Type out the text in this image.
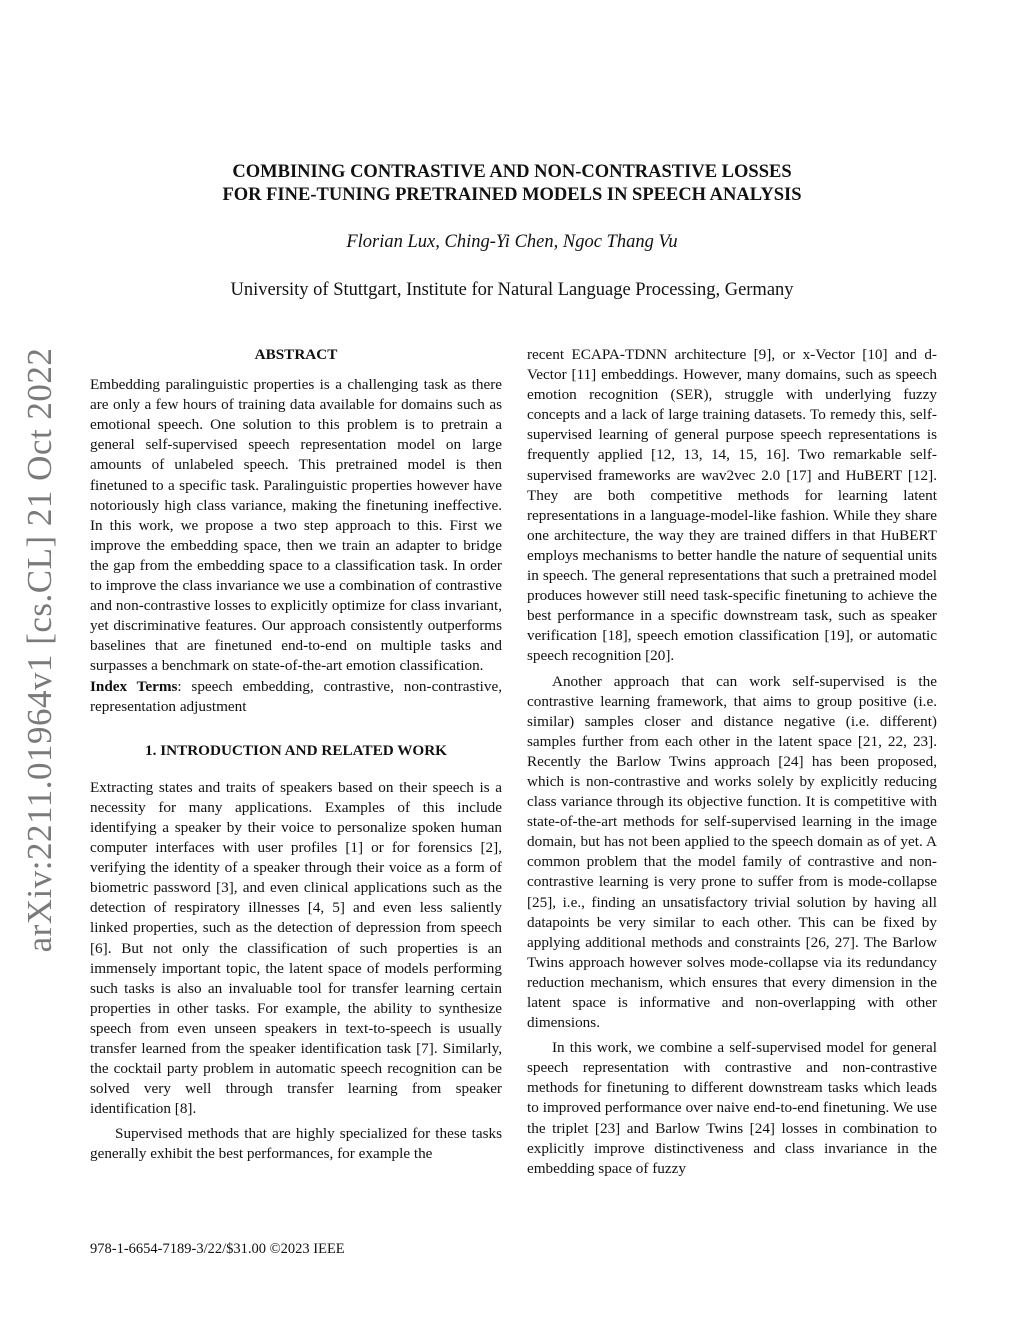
arXiv:2211.01964v1 [cs.CL] 21 Oct 2022
COMBINING CONTRASTIVE AND NON-CONTRASTIVE LOSSES
FOR FINE-TUNING PRETRAINED MODELS IN SPEECH ANALYSIS
Florian Lux, Ching-Yi Chen, Ngoc Thang Vu
University of Stuttgart, Institute for Natural Language Processing, Germany
ABSTRACT

Embedding paralinguistic properties is a challenging task as there are only a few hours of training data available for domains such as emotional speech. One solution to this problem is to pretrain a general self-supervised speech representation model on large amounts of unlabeled speech. This pretrained model is then finetuned to a specific task. Paralinguistic properties however have notoriously high class variance, making the finetuning ineffective. In this work, we propose a two step approach to this. First we improve the embedding space, then we train an adapter to bridge the gap from the embedding space to a classification task. In order to improve the class invariance we use a combination of contrastive and non-contrastive losses to explicitly optimize for class invariant, yet discriminative features. Our approach consistently outperforms baselines that are finetuned end-to-end on multiple tasks and surpasses a benchmark on state-of-the-art emotion classification.

Index Terms: speech embedding, contrastive, non-contrastive, representation adjustment

1. INTRODUCTION AND RELATED WORK

Extracting states and traits of speakers based on their speech is a necessity for many applications. Examples of this include identifying a speaker by their voice to personalize spoken human computer interfaces with user profiles [1] or for forensics [2], verifying the identity of a speaker through their voice as a form of biometric password [3], and even clinical applications such as the detection of respiratory illnesses [4, 5] and even less saliently linked properties, such as the detection of depression from speech [6]. But not only the classification of such properties is an immensely important topic, the latent space of models performing such tasks is also an invaluable tool for transfer learning certain properties in other tasks. For example, the ability to synthesize speech from even unseen speakers in text-to-speech is usually transfer learned from the speaker identification task [7]. Similarly, the cocktail party problem in automatic speech recognition can be solved very well through transfer learning from speaker identification [8].

Supervised methods that are highly specialized for these tasks generally exhibit the best performances, for example the

recent ECAPA-TDNN architecture [9], or x-Vector [10] and d-Vector [11] embeddings. However, many domains, such as speech emotion recognition (SER), struggle with underlying fuzzy concepts and a lack of large training datasets. To remedy this, self-supervised learning of general purpose speech representations is frequently applied [12, 13, 14, 15, 16]. Two remarkable self-supervised frameworks are wav2vec 2.0 [17] and HuBERT [12]. They are both competitive methods for learning latent representations in a language-model-like fashion. While they share one architecture, the way they are trained differs in that HuBERT employs mechanisms to better handle the nature of sequential units in speech. The general representations that such a pretrained model produces however still need task-specific finetuning to achieve the best performance in a specific downstream task, such as speaker verification [18], speech emotion classification [19], or automatic speech recognition [20].

Another approach that can work self-supervised is the contrastive learning framework, that aims to group positive (i.e. similar) samples closer and distance negative (i.e. different) samples further from each other in the latent space [21, 22, 23]. Recently the Barlow Twins approach [24] has been proposed, which is non-contrastive and works solely by explicitly reducing class variance through its objective function. It is competitive with state-of-the-art methods for self-supervised learning in the image domain, but has not been applied to the speech domain as of yet. A common problem that the model family of contrastive and non-contrastive learning is very prone to suffer from is mode-collapse [25], i.e., finding an unsatisfactory trivial solution by having all datapoints be very similar to each other. This can be fixed by applying additional methods and constraints [26, 27]. The Barlow Twins approach however solves mode-collapse via its redundancy reduction mechanism, which ensures that every dimension in the latent space is informative and non-overlapping with other dimensions.

In this work, we combine a self-supervised model for general speech representation with contrastive and non-contrastive methods for finetuning to different downstream tasks which leads to improved performance over naive end-to-end finetuning. We use the triplet [23] and Barlow Twins [24] losses in combination to explicitly improve distinctiveness and class invariance in the embedding space of fuzzy

978-1-6654-7189-3/22/$31.00 ©2023 IEEE
